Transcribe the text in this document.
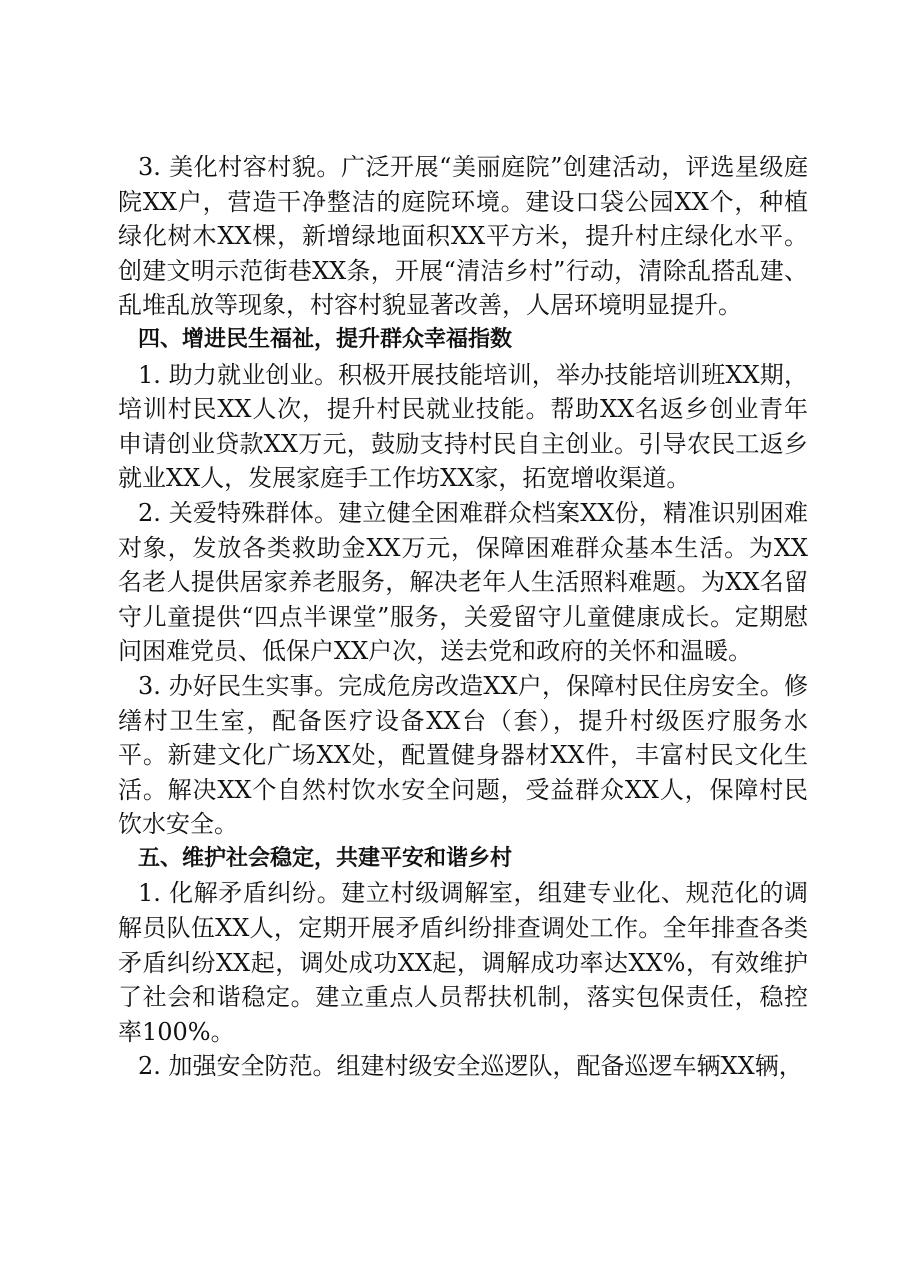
3. 美化村容村貌。广泛开展“美丽庭院”创建活动，评选星级庭院XX户，营造干净整洁的庭院环境。建设口袋公园XX个，种植绿化树木XX棵，新增绿地面积XX平方米，提升村庄绿化水平。创建文明示范街巷XX条，开展“清洁乡村”行动，清除乱搭乱建、乱堆乱放等现象，村容村貌显著改善，人居环境明显提升。

四、增进民生福祉，提升群众幸福指数

1. 助力就业创业。积极开展技能培训，举办技能培训班XX期，培训村民XX人次，提升村民就业技能。帮助XX名返乡创业青年申请创业贷款XX万元，鼓励支持村民自主创业。引导农民工返乡就业XX人，发展家庭手工作坊XX家，拓宽增收渠道。

2. 关爱特殊群体。建立健全困难群众档案XX份，精准识别困难对象，发放各类救助金XX万元，保障困难群众基本生活。为XX名老人提供居家养老服务，解决老年人生活照料难题。为XX名留守儿童提供“四点半课堂”服务，关爱留守儿童健康成长。定期慰问困难党员、低保户XX户次，送去党和政府的关怀和温暖。

3. 办好民生实事。完成危房改造XX户，保障村民住房安全。修缮村卫生室，配备医疗设备XX台（套），提升村级医疗服务水平。新建文化广场XX处，配置健身器材XX件，丰富村民文化生活。解决XX个自然村饮水安全问题，受益群众XX人，保障村民饮水安全。

五、维护社会稳定，共建平安和谐乡村

1. 化解矛盾纠纷。建立村级调解室，组建专业化、规范化的调解员队伍XX人，定期开展矛盾纠纷排查调处工作。全年排查各类矛盾纠纷XX起，调处成功XX起，调解成功率达XX%，有效维护了社会和谐稳定。建立重点人员帮扶机制，落实包保责任，稳控率100%。

2. 加强安全防范。组建村级安全巡逻队，配备巡逻车辆XX辆，
